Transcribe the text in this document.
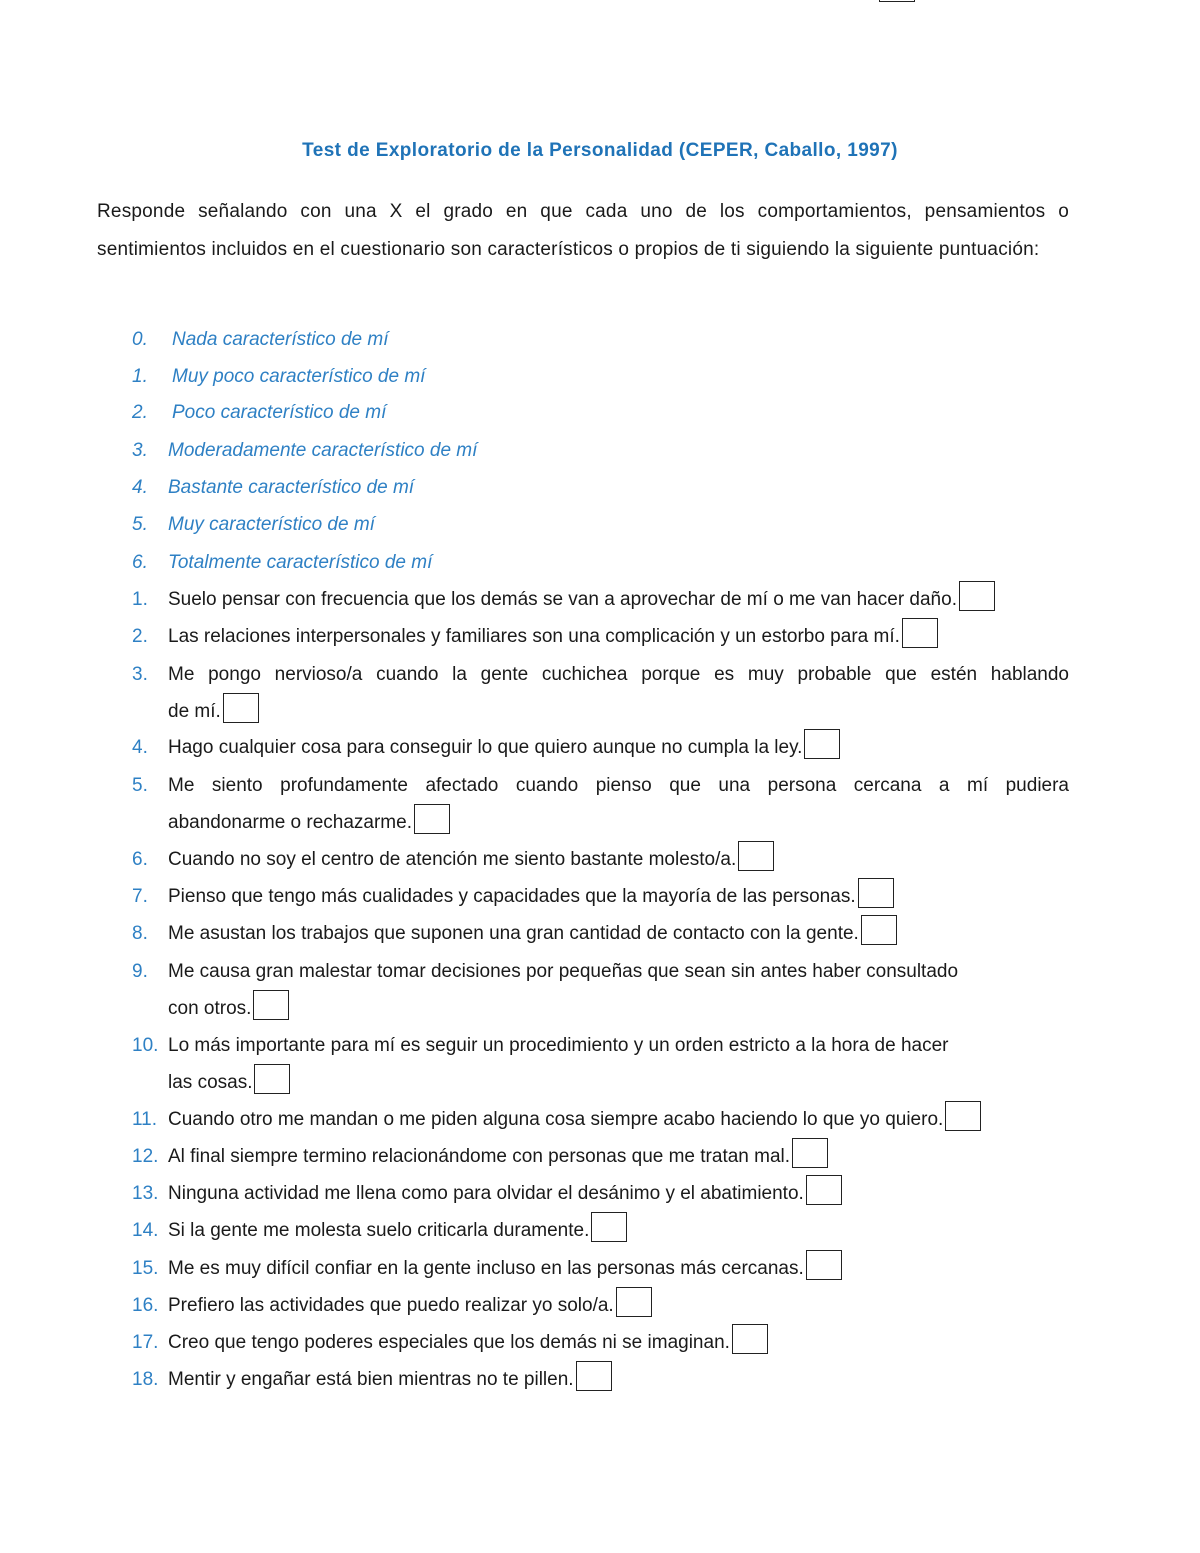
Test de Exploratorio de la Personalidad (CEPER, Caballo, 1997)
Responde señalando con una X el grado en que cada uno de los comportamientos, pensamientos o sentimientos incluidos en el cuestionario son característicos o propios de ti siguiendo la siguiente puntuación:
0. Nada característico de mí
1. Muy poco característico de mí
2. Poco característico de mí
3. Moderadamente característico de mí
4. Bastante característico de mí
5. Muy característico de mí
6. Totalmente característico de mí
1.	Suelo pensar con frecuencia que los demás se van a aprovechar de mí o me van hacer daño.
2.	Las relaciones interpersonales y familiares son una complicación y un estorbo para mí.
3.	Me pongo nervioso/a cuando la gente cuchichea porque es muy probable que estén hablando
de mí.
4.	Hago cualquier cosa para conseguir lo que quiero aunque no cumpla la ley.
5.	Me siento profundamente afectado cuando pienso que una persona cercana a mí pudiera
abandonarme o rechazarme.
6.	Cuando no soy el centro de atención me siento bastante molesto/a.
7.	Pienso que tengo más cualidades y capacidades que la mayoría de las personas.
8.	Me asustan los trabajos que suponen una gran cantidad de contacto con la gente.
9.	Me causa gran malestar tomar decisiones por pequeñas que sean sin antes haber consultado
con otros.
10. Lo más importante para mí es seguir un procedimiento y un orden estricto a la hora de hacer
las cosas.
11. Cuando otro me mandan o me piden alguna cosa siempre acabo haciendo lo que yo quiero.
12. Al final siempre termino relacionándome con personas que me tratan mal.
13. Ninguna actividad me llena como para olvidar el desánimo y el abatimiento.
14. Si la gente me molesta suelo criticarla duramente.
15. Me es muy difícil confiar en la gente incluso en las personas más cercanas.
16. Prefiero las actividades que puedo realizar yo solo/a.
17. Creo que tengo poderes especiales que los demás ni se imaginan.
18. Mentir y engañar está bien mientras no te pillen.
